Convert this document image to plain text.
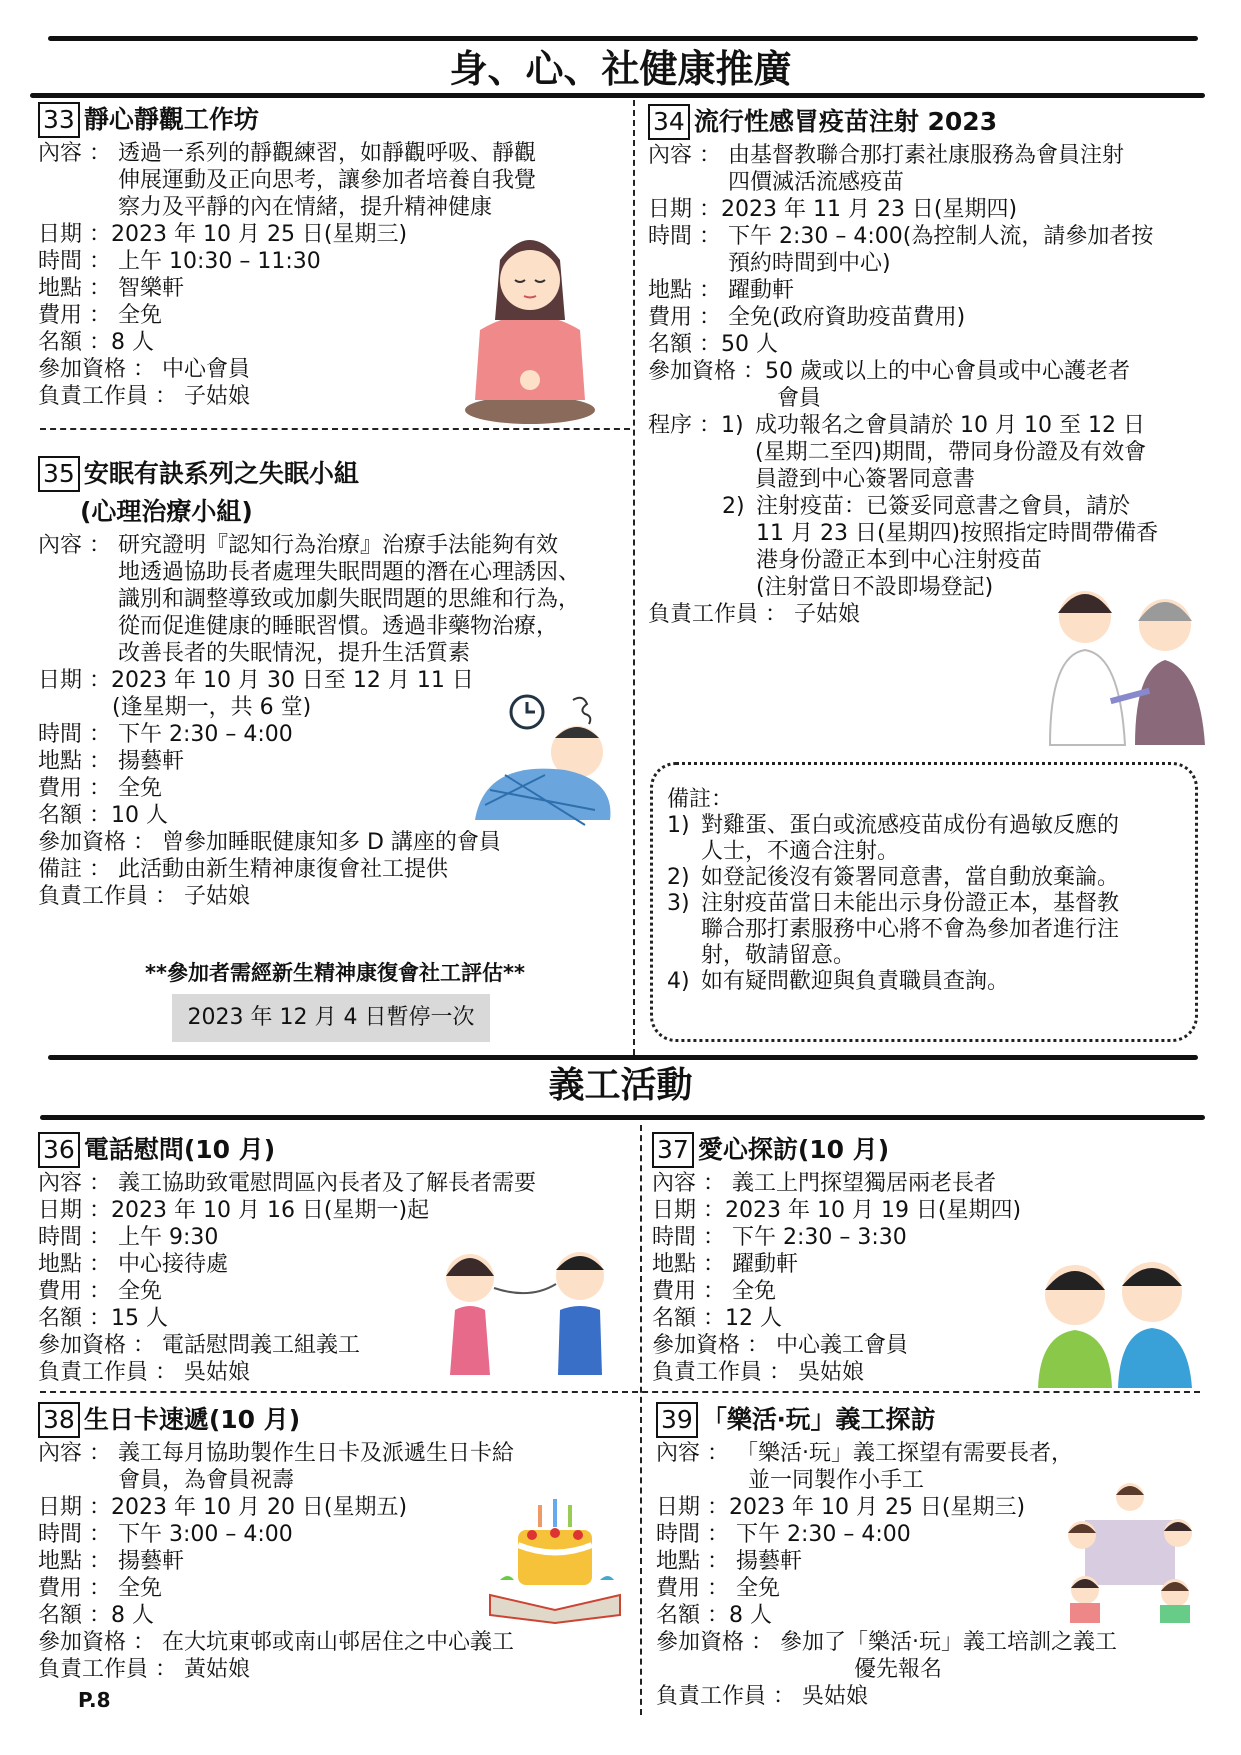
身、心、社健康推廣
33 靜心靜觀工作坊
內容 ： 透過一系列的靜觀練習，如靜觀呼吸、靜觀
伸展運動及正向思考，讓參加者培養自我覺
察力及平靜的內在情緒，提升精神健康
日期 ：2023 年 10 月 25 日(星期三)
時間 ： 上午 10:30 – 11:30
地點 ： 智樂軒
費用 ： 全免
名額 ：8 人
參加資格 ： 中心會員
負責工作員 ： 子姑娘
35 安眠有訣系列之失眠小組
(心理治療小組)
內容 ： 研究證明『認知行為治療』治療手法能夠有效
地透過協助長者處理失眠問題的潛在心理誘因、
識別和調整導致或加劇失眠問題的思維和行為，
從而促進健康的睡眠習慣。透過非藥物治療，
改善長者的失眠情況，提升生活質素
日期 ：2023 年 10 月 30 日至 12 月 11 日
(逢星期一，共 6 堂)
時間 ： 下午 2:30 – 4:00
地點 ： 揚藝軒
費用 ： 全免
名額 ：10 人
參加資格 ： 曾參加睡眠健康知多 D 講座的會員
備註 ： 此活動由新生精神康復會社工提供
負責工作員 ： 子姑娘
**參加者需經新生精神康復會社工評估**
2023 年 12 月 4 日暫停一次
34 流行性感冒疫苗注射 2023
內容 ： 由基督教聯合那打素社康服務為會員注射
四價滅活流感疫苗
日期 ：2023 年 11 月 23 日(星期四)
時間 ： 下午 2:30 – 4:00(為控制人流，請參加者按
預約時間到中心)
地點 ： 躍動軒
費用 ： 全免(政府資助疫苗費用)
名額 ：50 人
參加資格 ： 50 歲或以上的中心會員或中心護老者
會員
程序 ： 1) 成功報名之會員請於 10 月 10 至 12 日
(星期二至四)期間，帶同身份證及有效會
員證到中心簽署同意書
2) 注射疫苗：已簽妥同意書之會員，請於
11 月 23 日(星期四)按照指定時間帶備香
港身份證正本到中心注射疫苗
(注射當日不設即場登記)
負責工作員 ： 子姑娘
備註：
1) 對雞蛋、蛋白或流感疫苗成份有過敏反應的
人士，不適合注射。
2) 如登記後沒有簽署同意書，當自動放棄論。
3) 注射疫苗當日未能出示身份證正本，基督教
聯合那打素服務中心將不會為參加者進行注
射，敬請留意。
4) 如有疑問歡迎與負責職員查詢。
義工活動
36 電話慰問(10 月)
內容 ： 義工協助致電慰問區內長者及了解長者需要
日期 ：2023 年 10 月 16 日(星期一)起
時間 ： 上午 9:30
地點 ： 中心接待處
費用 ： 全免
名額 ：15 人
參加資格 ： 電話慰問義工組義工
負責工作員 ： 吳姑娘
37 愛心探訪(10 月)
內容 ： 義工上門探望獨居兩老長者
日期 ：2023 年 10 月 19 日(星期四)
時間 ： 下午 2:30 – 3:30
地點 ： 躍動軒
費用 ： 全免
名額 ：12 人
參加資格 ： 中心義工會員
負責工作員 ： 吳姑娘
38 生日卡速遞(10 月)
內容 ： 義工每月協助製作生日卡及派遞生日卡給
會員，為會員祝壽
日期 ：2023 年 10 月 20 日(星期五)
時間 ： 下午 3:00 – 4:00
地點 ： 揚藝軒
費用 ： 全免
名額 ：8 人
參加資格 ： 在大坑東邨或南山邨居住之中心義工
負責工作員 ： 黃姑娘
39 「樂活‧玩」義工探訪
內容 ： 「樂活‧玩」義工探望有需要長者，
並一同製作小手工
日期 ：2023 年 10 月 25 日(星期三)
時間 ： 下午 2:30 – 4:00
地點 ： 揚藝軒
費用 ： 全免
名額 ：8 人
參加資格 ： 參加了「樂活‧玩」義工培訓之義工
優先報名
負責工作員 ： 吳姑娘
P.8
